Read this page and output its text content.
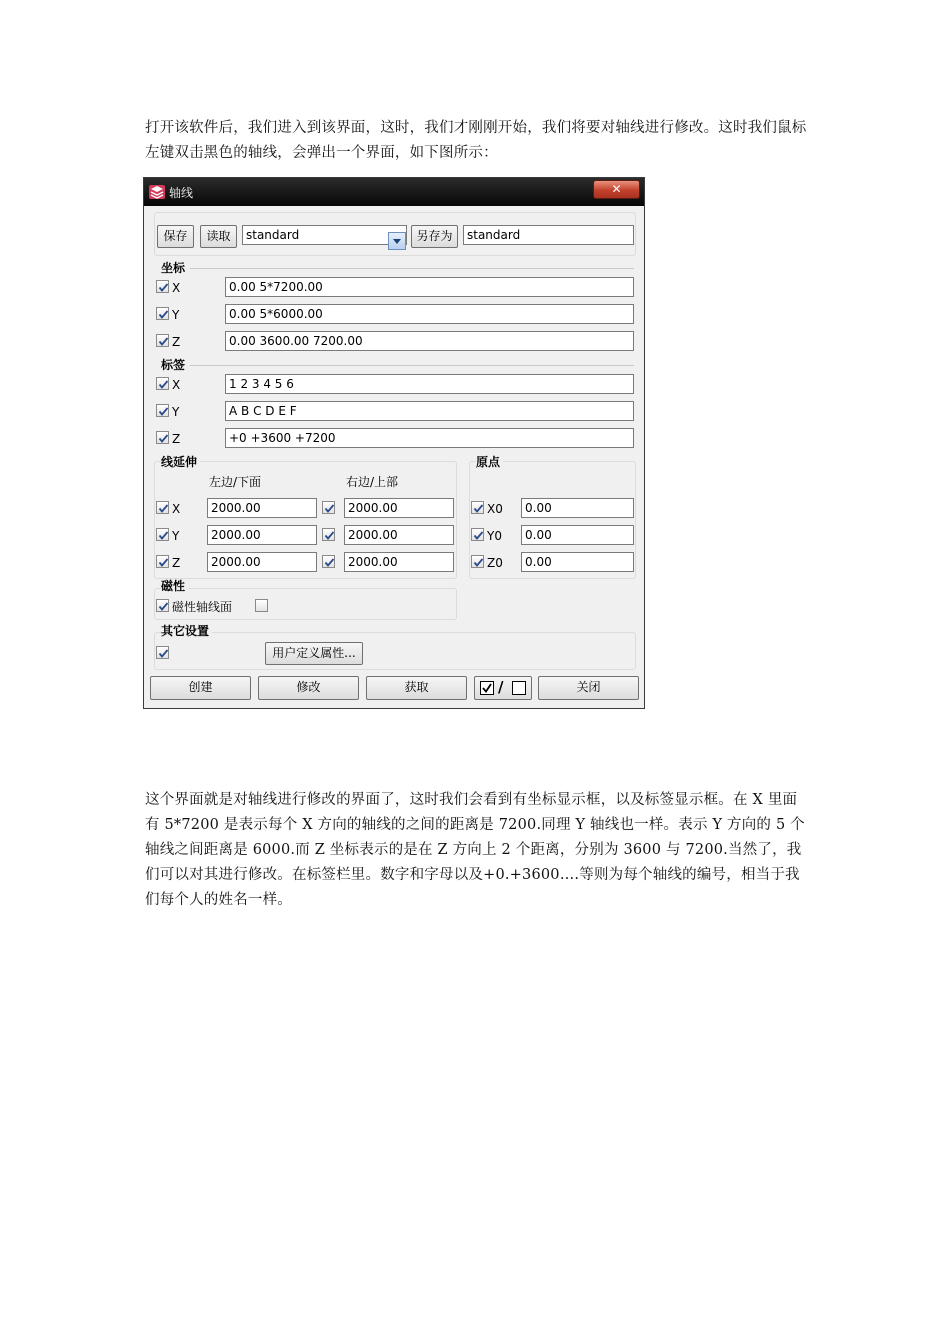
打开该软件后，我们进入到该界面，这时，我们才刚刚开始，我们将要对轴线进行修改。这时我们鼠标左键双击黑色的轴线，会弹出一个界面，如下图所示：

轴线	✕
保存	读取	standard	另存为	standard
坐标
X	0.00 5*7200.00
Y	0.00 5*6000.00
Z	0.00 3600.00 7200.00
标签
X	1 2 3 4 5 6
Y	A B C D E F
Z	+0 +3600 +7200
线延伸
左边/下面	右边/上部
X	2000.00	2000.00
Y	2000.00	2000.00
Z	2000.00	2000.00
原点
X0	0.00
Y0	0.00
Z0	0.00
磁性
磁性轴线面
其它设置
用户定义属性...
创建	修改	获取	/	关闭

这个界面就是对轴线进行修改的界面了，这时我们会看到有坐标显示框，以及标签显示框。在 X 里面有 5*7200 是表示每个 X 方向的轴线的之间的距离是 7200.同理 Y 轴线也一样。表示 Y 方向的 5 个轴线之间距离是 6000.而 Z 坐标表示的是在 Z 方向上 2 个距离，分别为 3600 与 7200.当然了，我们可以对其进行修改。在标签栏里。数字和字母以及+0.+3600….等则为每个轴线的编号，相当于我们每个人的姓名一样。
